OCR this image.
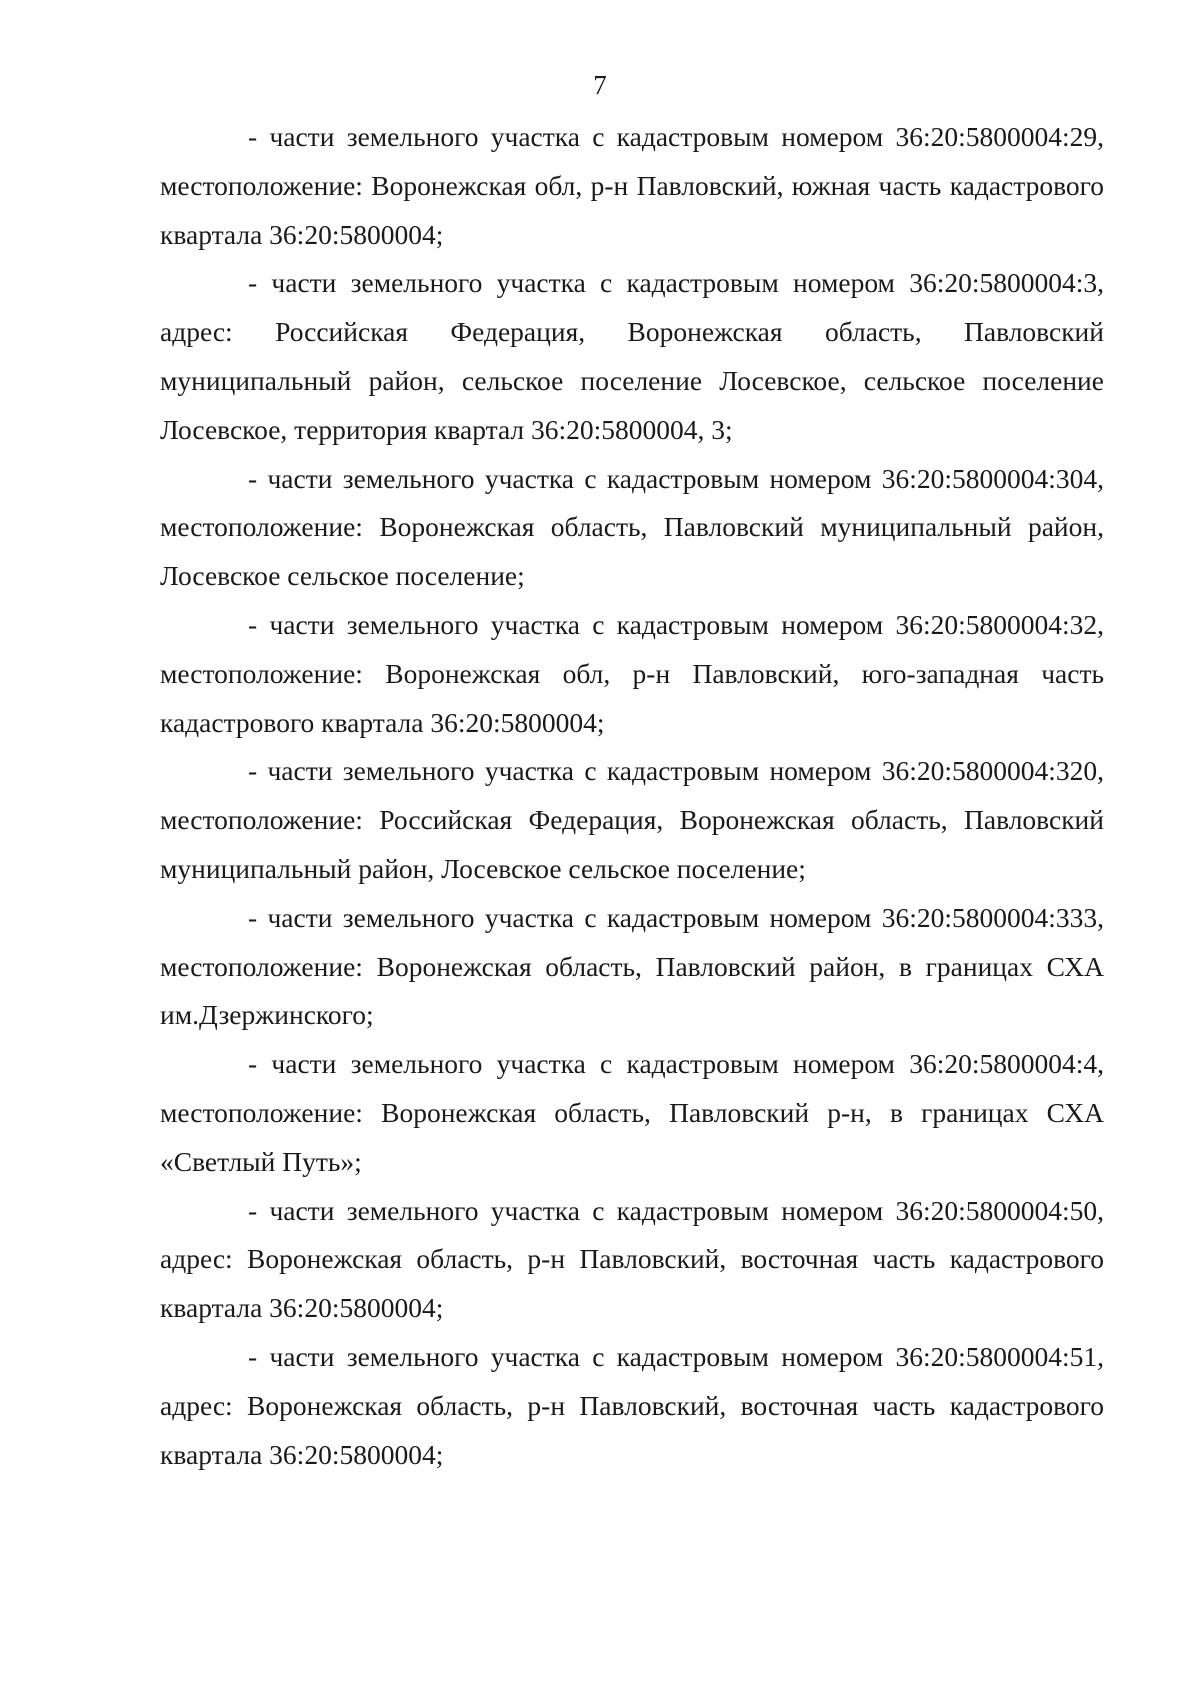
7

- части земельного участка с кадастровым номером 36:20:5800004:29, местоположение: Воронежская обл, р-н Павловский, южная часть кадастрового квартала 36:20:5800004;

- части земельного участка с кадастровым номером 36:20:5800004:3, адрес: Российская Федерация, Воронежская область, Павловский муниципальный район, сельское поселение Лосевское, сельское поселение Лосевское, территория квартал 36:20:5800004, 3;

- части земельного участка с кадастровым номером 36:20:5800004:304, местоположение: Воронежская область, Павловский муниципальный район, Лосевское сельское поселение;

- части земельного участка с кадастровым номером 36:20:5800004:32, местоположение: Воронежская обл, р-н Павловский, юго-западная часть кадастрового квартала 36:20:5800004;

- части земельного участка с кадастровым номером 36:20:5800004:320, местоположение: Российская Федерация, Воронежская область, Павловский муниципальный район, Лосевское сельское поселение;

- части земельного участка с кадастровым номером 36:20:5800004:333, местоположение: Воронежская область, Павловский район, в границах СХА им.Дзержинского;

- части земельного участка с кадастровым номером 36:20:5800004:4, местоположение: Воронежская область, Павловский р-н, в границах СХА «Светлый Путь»;

- части земельного участка с кадастровым номером 36:20:5800004:50, адрес: Воронежская область, р-н Павловский, восточная часть кадастрового квартала 36:20:5800004;

- части земельного участка с кадастровым номером 36:20:5800004:51, адрес: Воронежская область, р-н Павловский, восточная часть кадастрового квартала 36:20:5800004;
